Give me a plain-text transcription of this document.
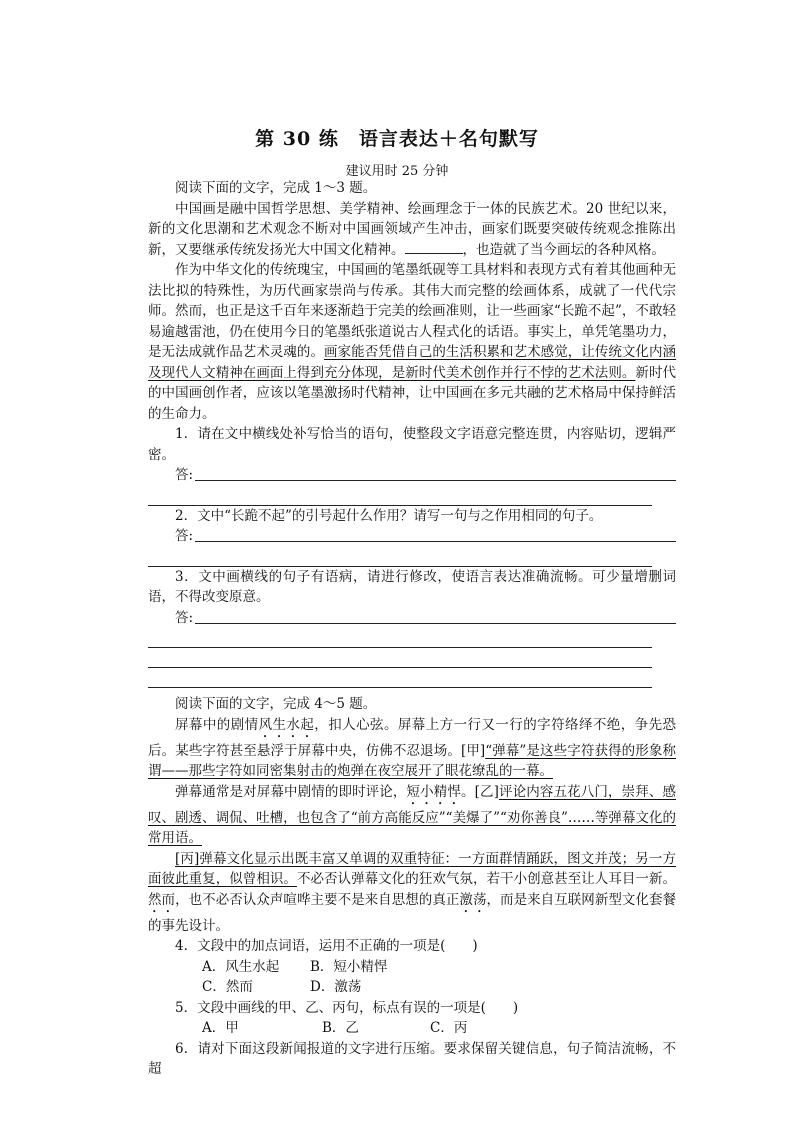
第 30 练　语言表达＋名句默写
建议用时 25 分钟

阅读下面的文字，完成 1～3 题。

中国画是融中国哲学思想、美学精神、绘画理念于一体的民族艺术。20 世纪以来，新的文化思潮和艺术观念不断对中国画领域产生冲击，画家们既要突破传统观念推陈出新，又要继承传统发扬光大中国文化精神。	，也造就了当今画坛的各种风格。

作为中华文化的传统瑰宝，中国画的笔墨纸砚等工具材料和表现方式有着其他画种无法比拟的特殊性，为历代画家崇尚与传承。其伟大而完整的绘画体系，成就了一代代宗师。然而，也正是这千百年来逐渐趋于完美的绘画准则，让一些画家“长跪不起”，不敢轻易逾越雷池，仍在使用今日的笔墨纸张道说古人程式化的话语。事实上，单凭笔墨功力，是无法成就作品艺术灵魂的。画家能否凭借自己的生活积累和艺术感觉，让传统文化内涵及现代人文精神在画面上得到充分体现，是新时代美术创作并行不悖的艺术法则。新时代的中国画创作者，应该以笔墨激扬时代精神，让中国画在多元共融的艺术格局中保持鲜活的生命力。

1．请在文中横线处补写恰当的语句，使整段文字语意完整连贯，内容贴切，逻辑严密。

答:

2．文中“长跪不起”的引号起什么作用？请写一句与之作用相同的句子。

答:

3．文中画横线的句子有语病，请进行修改，使语言表达准确流畅。可少量增删词语，不得改变原意。

答:

阅读下面的文字，完成 4～5 题。

屏幕中的剧情风生水起，扣人心弦。屏幕上方一行又一行的字符络绎不绝，争先恐后。某些字符甚至悬浮于屏幕中央，仿佛不忍退场。[甲]“弹幕”是这些字符获得的形象称谓——那些字符如同密集射击的炮弹在夜空展开了眼花缭乱的一幕。

弹幕通常是对屏幕中剧情的即时评论，短小精悍。[乙]评论内容五花八门，崇拜、感叹、剧透、调侃、吐槽，也包含了“前方高能反应”“美爆了”“劝你善良”……等弹幕文化的常用语。

[丙]弹幕文化显示出既丰富又单调的双重特征：一方面群情踊跃，图文并茂；另一方面彼此重复，似曾相识。不必否认弹幕文化的狂欢气氛，若干小创意甚至让人耳目一新。然而，也不必否认众声喧哗主要不是来自思想的真正激荡，而是来自互联网新型文化套餐的事先设计。

4．文段中的加点词语，运用不正确的一项是(　　)

A．风生水起 B．短小精悍
C．然而	D．激荡

5．文段中画线的甲、乙、丙句，标点有误的一项是(　　)

A．甲	B．乙	C．丙

6．请对下面这段新闻报道的文字进行压缩。要求保留关键信息，句子简洁流畅，不超
